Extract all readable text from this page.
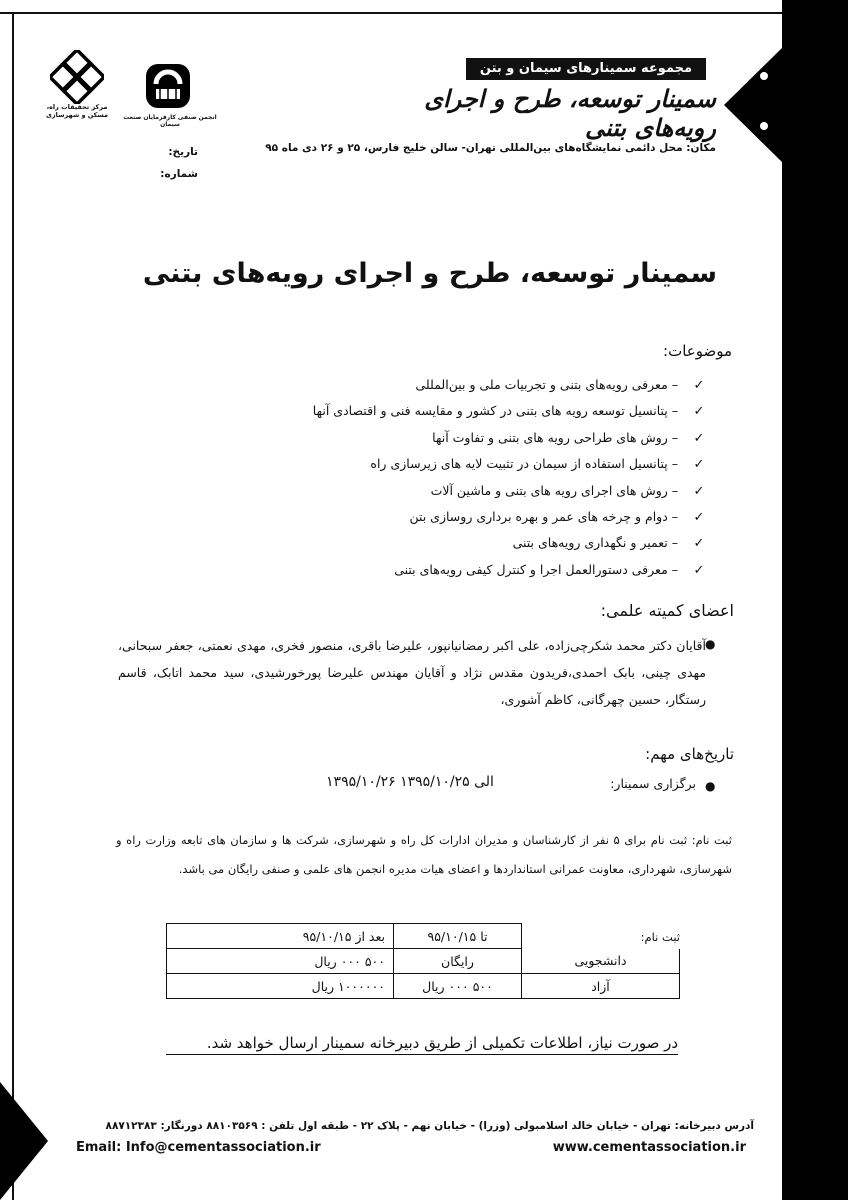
مجموعه سمینارهای سیمان و بتن
سمینار توسعه، طرح و اجرای رویه‌های بتنی
مکان: محل دائمی نمایشگاه‌های بین‌المللی تهران- سالن خلیج فارس، ۲۵ و ۲۶ دی ماه ۹۵
انجمن صنفی کارفرمایان صنعت سیمان
مرکز تحقیقات راه، مسکن و شهرسازی
تاریخ:
شماره:
سمینار توسعه، طرح و اجرای رویه‌های بتنی
موضوعات:
✓– معرفی رویه‌های بتنی و تجربیات ملی و بین‌المللی
✓– پتانسیل توسعه رویه های بتنی در کشور و مقایسه فنی و اقتصادی آنها
✓– روش های طراحی رویه های بتنی و تفاوت آنها
✓– پتانسیل استفاده از سیمان در تثبیت لایه های زیرسازی راه
✓– روش های اجرای رویه های بتنی و ماشین آلات
✓– دوام و چرخه های عمر و بهره برداری روسازی بتن
✓– تعمیر و نگهداری رویه‌های بتنی
✓– معرفی دستورالعمل اجرا و کنترل کیفی رویه‌های بتنی
اعضای کمیته علمی:
●
آقایان دکتر محمد شکرچی‌زاده، علی اکبر رمضانیانپور، علیرضا باقری، منصور فخری، مهدی نعمتی، جعفر سبحانی، مهدی چینی، بابک احمدی،فریدون مقدس نژاد و آقایان مهندس علیرضا پورخورشیدی، سید محمد اتابک، قاسم رستگار، حسین چهرگانی، کاظم آشوری،
تاریخ‌های مهم:
●
برگزاری سمینار:
۱۳۹۵/۱۰/۲۶ الی ۱۳۹۵/۱۰/۲۵
ثبت نام: ثبت نام برای ۵ نفر از کارشناسان و مدیران ادارات کل راه و شهرسازی، شرکت ها و سازمان های تابعه وزارت راه و شهرسازی، شهرداری، معاونت عمرانی استانداردها و اعضای هیات مدیره انجمن های علمی و صنفی رایگان می باشد.
ثبت نام:
	تا ۹۵/۱۰/۱۵	بعد از ۹۵/۱۰/۱۵
دانشجویی	رایگان	۵۰۰ ۰۰۰ ریال
آزاد	۵۰۰ ۰۰۰ ریال	۱۰۰۰۰۰۰ ریال
در صورت نیاز، اطلاعات تکمیلی از طریق دبیرخانه سمینار ارسال خواهد شد.
آدرس دبیرخانه: تهران - خیابان خالد اسلامبولی (وزرا) - خیابان نهم - پلاک ۲۲ - طبقه اول تلفن : ۸۸۱۰۳۵۶۹ دورنگار: ۸۸۷۱۲۳۸۳
Email: Info@cementassociation.ir	www.cementassociation.ir
